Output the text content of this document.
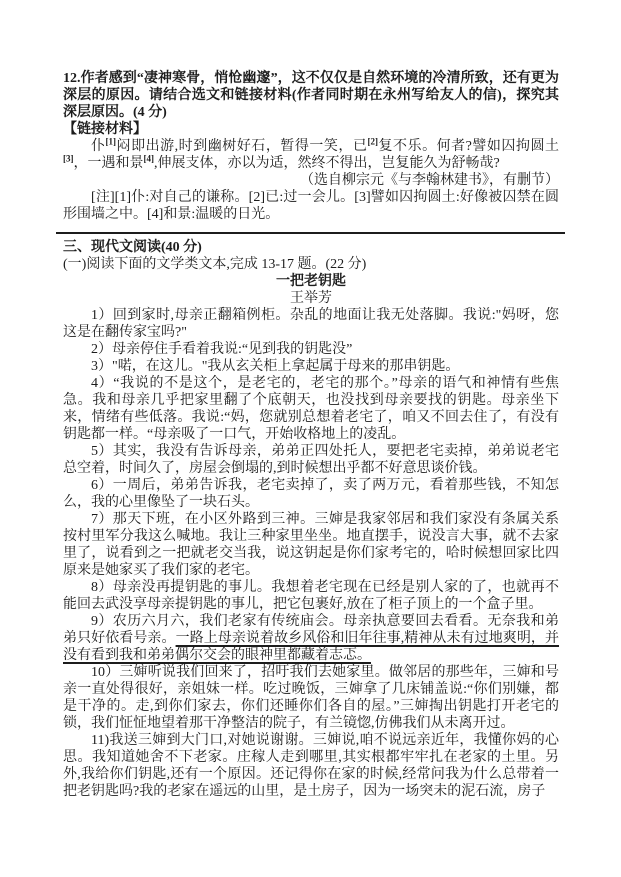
12.作者感到“凄神寒骨，悄怆幽邃”，这不仅仅是自然环境的冷清所致，还有更为深层的原因。请结合选文和链接材料(作者同时期在永州写给友人的信)，探究其深层原因。(4 分)

【链接材料】

仆[1]闷即出游,时到幽树好石，暂得一笑，已[2]复不乐。何者?譬如囚拘圆土[3]，一遇和景[4],伸展支体，亦以为适，然终不得出，岂复能久为舒畅哉?

（选自柳宗元《与李翰林建书》，有删节）

[注][1]仆:对自己的谦称。[2]已:过一会儿。[3]譬如囚拘圆土:好像被囚禁在圆形围墙之中。[4]和景:温暖的日光。

三、现代文阅读(40 分)

(一)阅读下面的文学类文本,完成 13-17 题。(22 分)

一把老钥匙

王举芳

1）回到家时,母亲正翻箱例柜。杂乱的地面让我无处落脚。我说:"妈呀，您这是在翻传家宝吗?"

2）母亲停住手看着我说:“见到我的钥匙没”

3）"喏，在这儿。"我从玄关柜上拿起属于母来的那串钥匙。

4）“我说的不是这个，是老宅的，老宅的那个。”母亲的语气和神情有些焦急。我和母亲几乎把家里翻了个底朝天，也没找到母亲要找的钥匙。母亲坐下来，情绪有些低落。我说:“妈，您就别总想着老宅了，咱又不回去住了，有没有钥匙都一样。“母亲吸了一口气，开始收格地上的凌乱。

5）其实，我没有告诉母亲，弟弟正四处托人，要把老宅卖掉，弟弟说老宅总空着，时间久了，房屋会倒塌的,到时候想出乎都不好意思谈价钱。

6）一周后，弟弟告诉我，老宅卖掉了，卖了两万元，看着那些钱，不知怎么，我的心里像坠了一块石头。

7）那天下班，在小区外路到三神。三婶是我家邻居和我们家没有条属关系按村里军分我这么喊地。我让三种家里坐坐。地直摆手，说没言大事，就不去家里了，说看到之一把就老交当我，说这钥起是你们家考宅的，哈时候想回家比四原来是她家买了我们家的老宅。

8）母亲没再提钥匙的事儿。我想着老宅现在已经是别人家的了，也就再不能回去武没享母亲提钥匙的事儿，把它包裹好,放在了柜子顶上的一个盒子里。

9）农历六月六，我们老家有传统庙会。母亲执意要回去看看。无奈我和弟弟只好依看号亲。一路上母亲说着故乡风俗和旧年往事,精神从未有过地爽明，并没有看到我和弟弟偶尔交会的眼神里都藏着志忑。

10）三婶听说我们回来了，招吁我们去她家里。做邻居的那些年，三婶和号亲一直处得很好，亲姐妹一样。吃过晚饭，三婶拿了几床铺盖说:“你们别嫌，都是干净的。走,到你们家去，你们还睡你们各自的屋。”三婶掏出钥匙打开老宅的锁，我们怔怔地望着那干净整洁的院子，有兰镜惚,仿佛我们从未离开过。

11)我送三婶到大门口,对她说谢谢。三婶说,咱不说远亲近年，我懂你妈的心思。我知道她舍不下老家。庄稼人走到哪里,其实根都牢牢扎在老家的土里。另外,我给你们钥匙,还有一个原因。还记得你在家的时候,经常问我为什么总带着一把老钥匙吗?我的老家在遥远的山里，是土房子，因为一场突未的泥石流，房子
